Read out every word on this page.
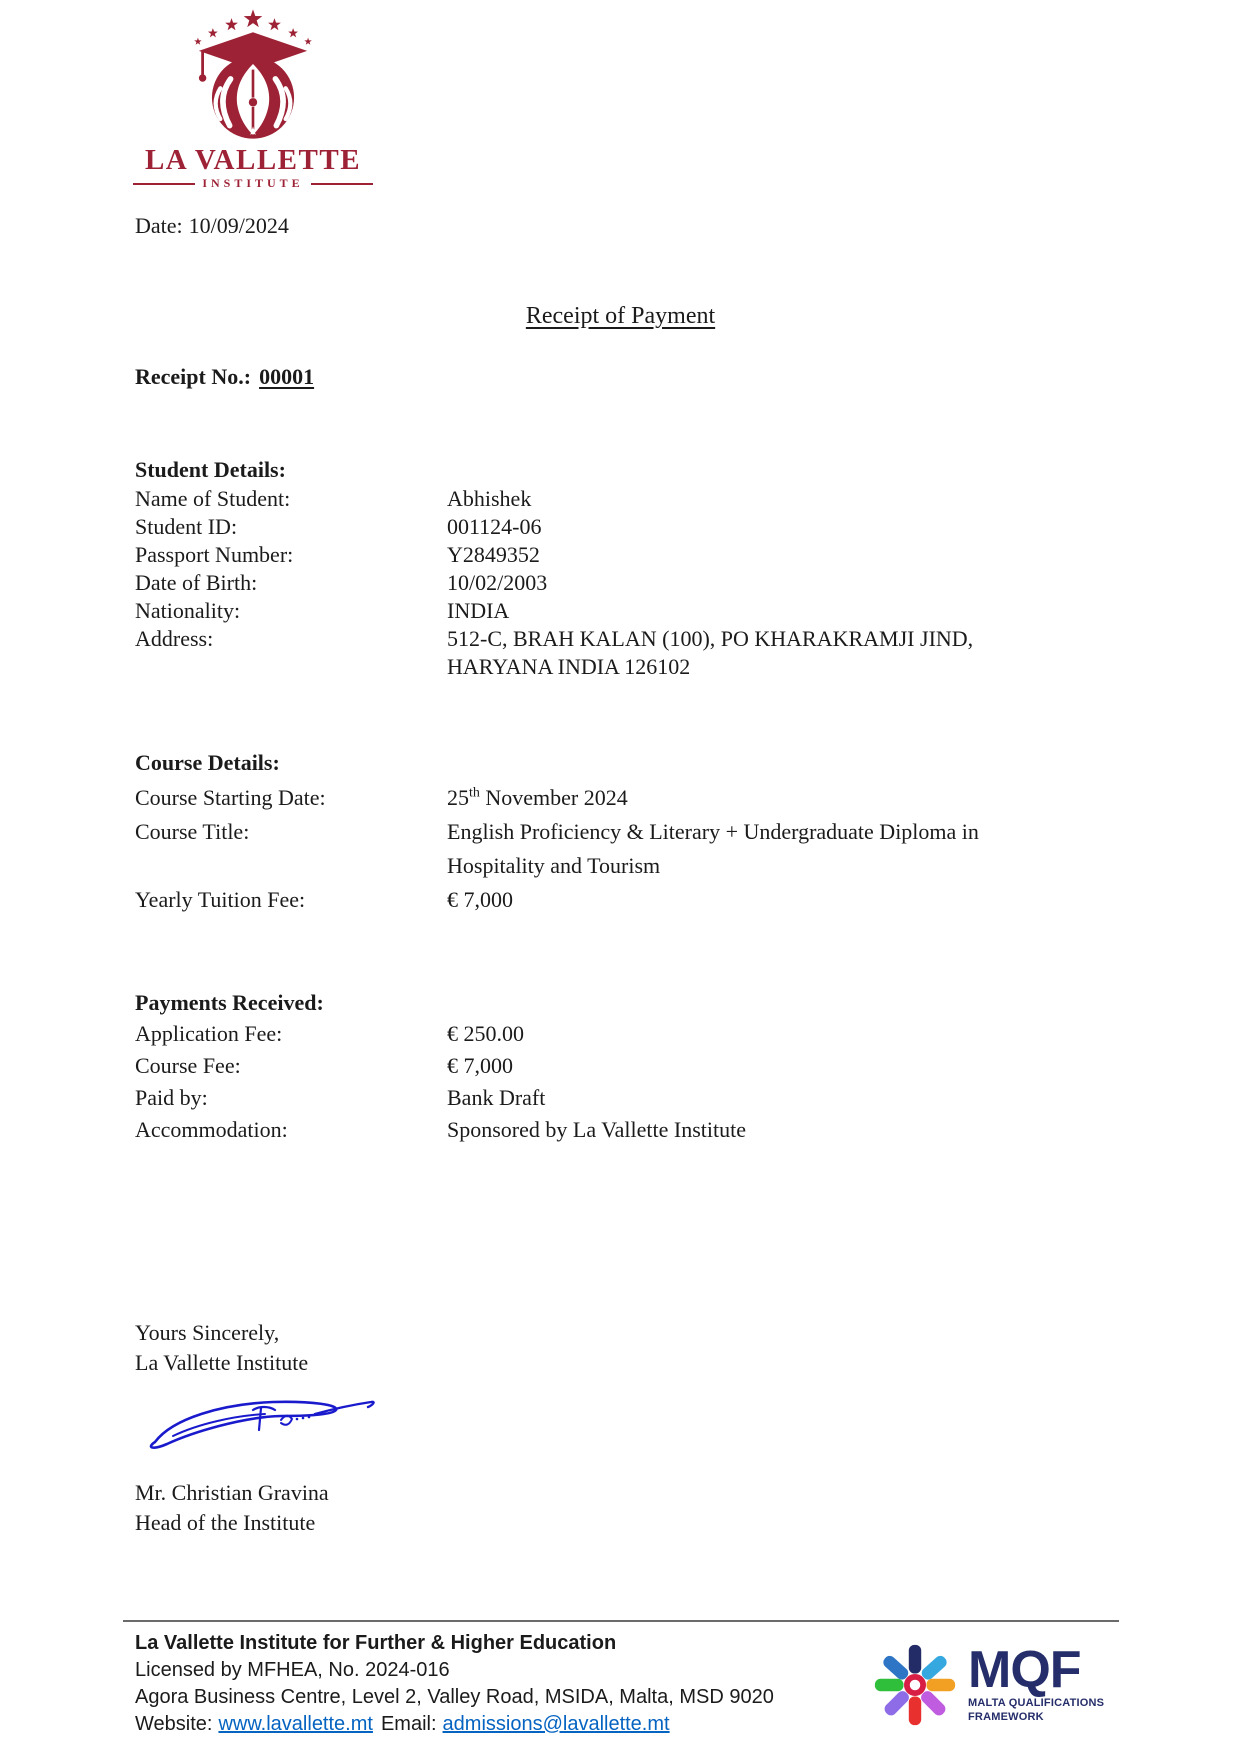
LA VALLETTE
INSTITUTE
Date: 10/09/2024
Receipt of Payment
Receipt No.: 00001
Student Details:
Name of Student:	Abhishek
Student ID:	001124-06
Passport Number:	Y2849352
Date of Birth:	10/02/2003
Nationality:	INDIA
Address:	512-C, BRAH KALAN (100), PO KHARAKRAMJI JIND,
HARYANA INDIA 126102
Course Details:
Course Starting Date:	25th November 2024
Course Title:	English Proficiency & Literary + Undergraduate Diploma in
Hospitality and Tourism
Yearly Tuition Fee:	€ 7,000
Payments Received:
Application Fee:	€ 250.00
Course Fee:	€ 7,000
Paid by:	Bank Draft
Accommodation:	Sponsored by La Vallette Institute
Yours Sincerely,
La Vallette Institute
Mr. Christian Gravina
Head of the Institute
La Vallette Institute for Further & Higher Education
Licensed by MFHEA, No. 2024-016
Agora Business Centre, Level 2, Valley Road, MSIDA, Malta, MSD 9020
Website: www.lavallette.mt Email: admissions@lavallette.mt
MQF
MALTA QUALIFICATIONS
FRAMEWORK
